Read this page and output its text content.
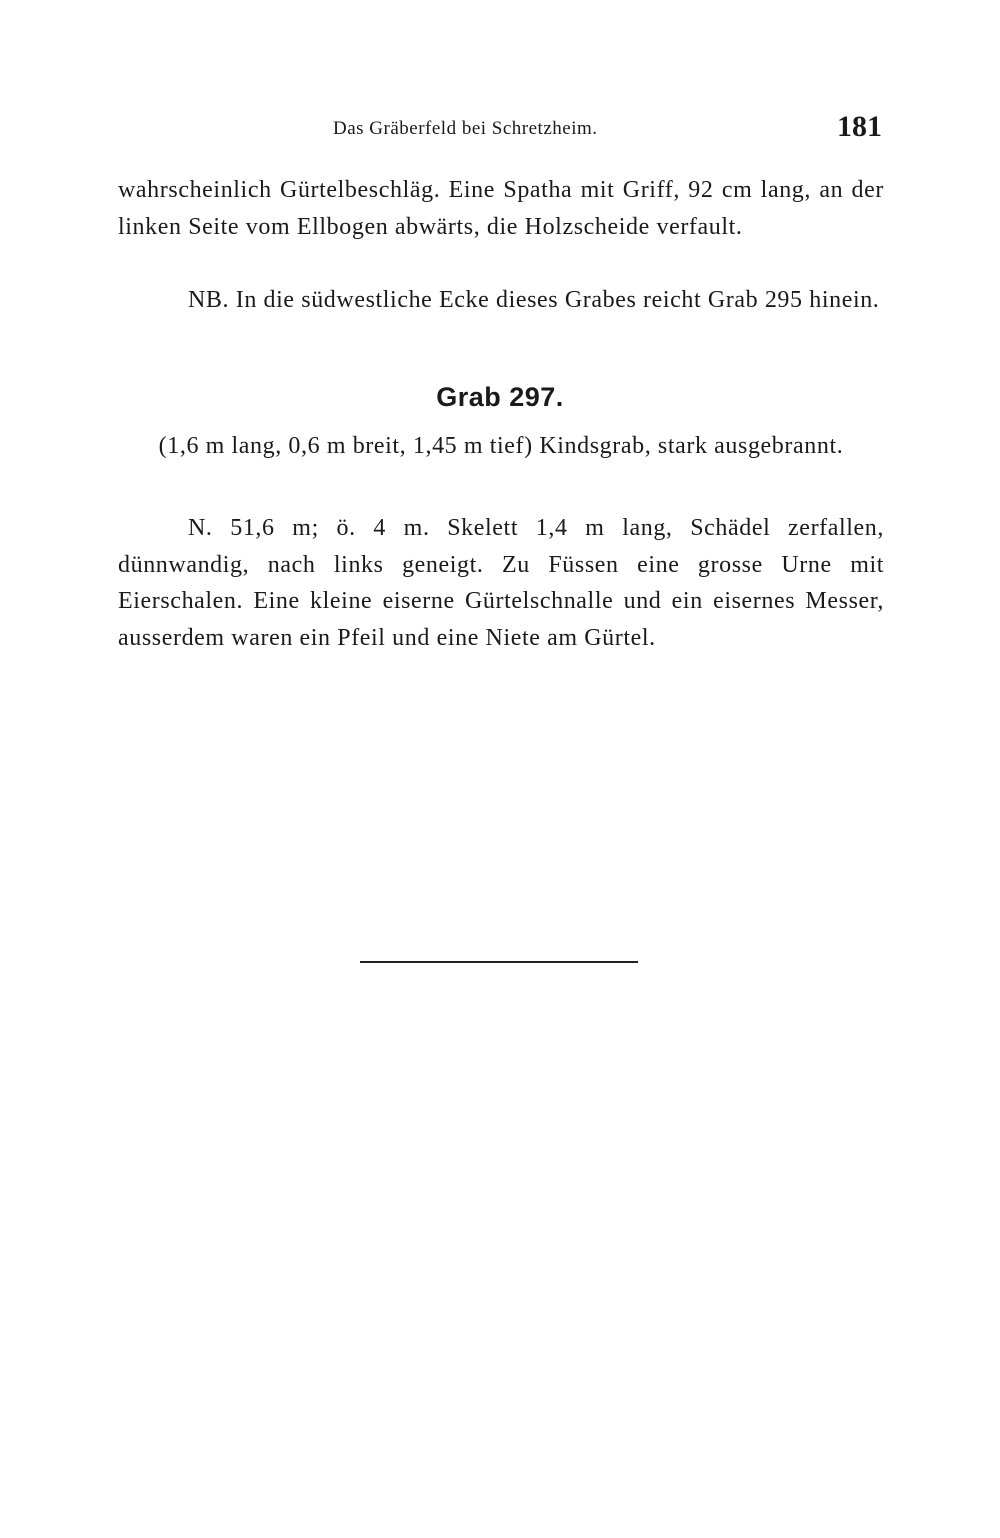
Das Gräberfeld bei Schretzheim.	181

wahrscheinlich Gürtelbeschläg. Eine Spatha mit Griff, 92 cm lang, an der linken Seite vom Ellbogen abwärts, die Holzscheide verfault.

NB. In die südwestliche Ecke dieses Grabes reicht Grab 295 hinein.

Grab 297.

(1,6 m lang, 0,6 m breit, 1,45 m tief) Kindsgrab, stark ausgebrannt.

N. 51,6 m; ö. 4 m. Skelett 1,4 m lang, Schädel zerfallen, dünnwandig, nach links geneigt. Zu Füssen eine grosse Urne mit Eierschalen. Eine kleine eiserne Gürtelschnalle und ein eisernes Messer, ausserdem waren ein Pfeil und eine Niete am Gürtel.
